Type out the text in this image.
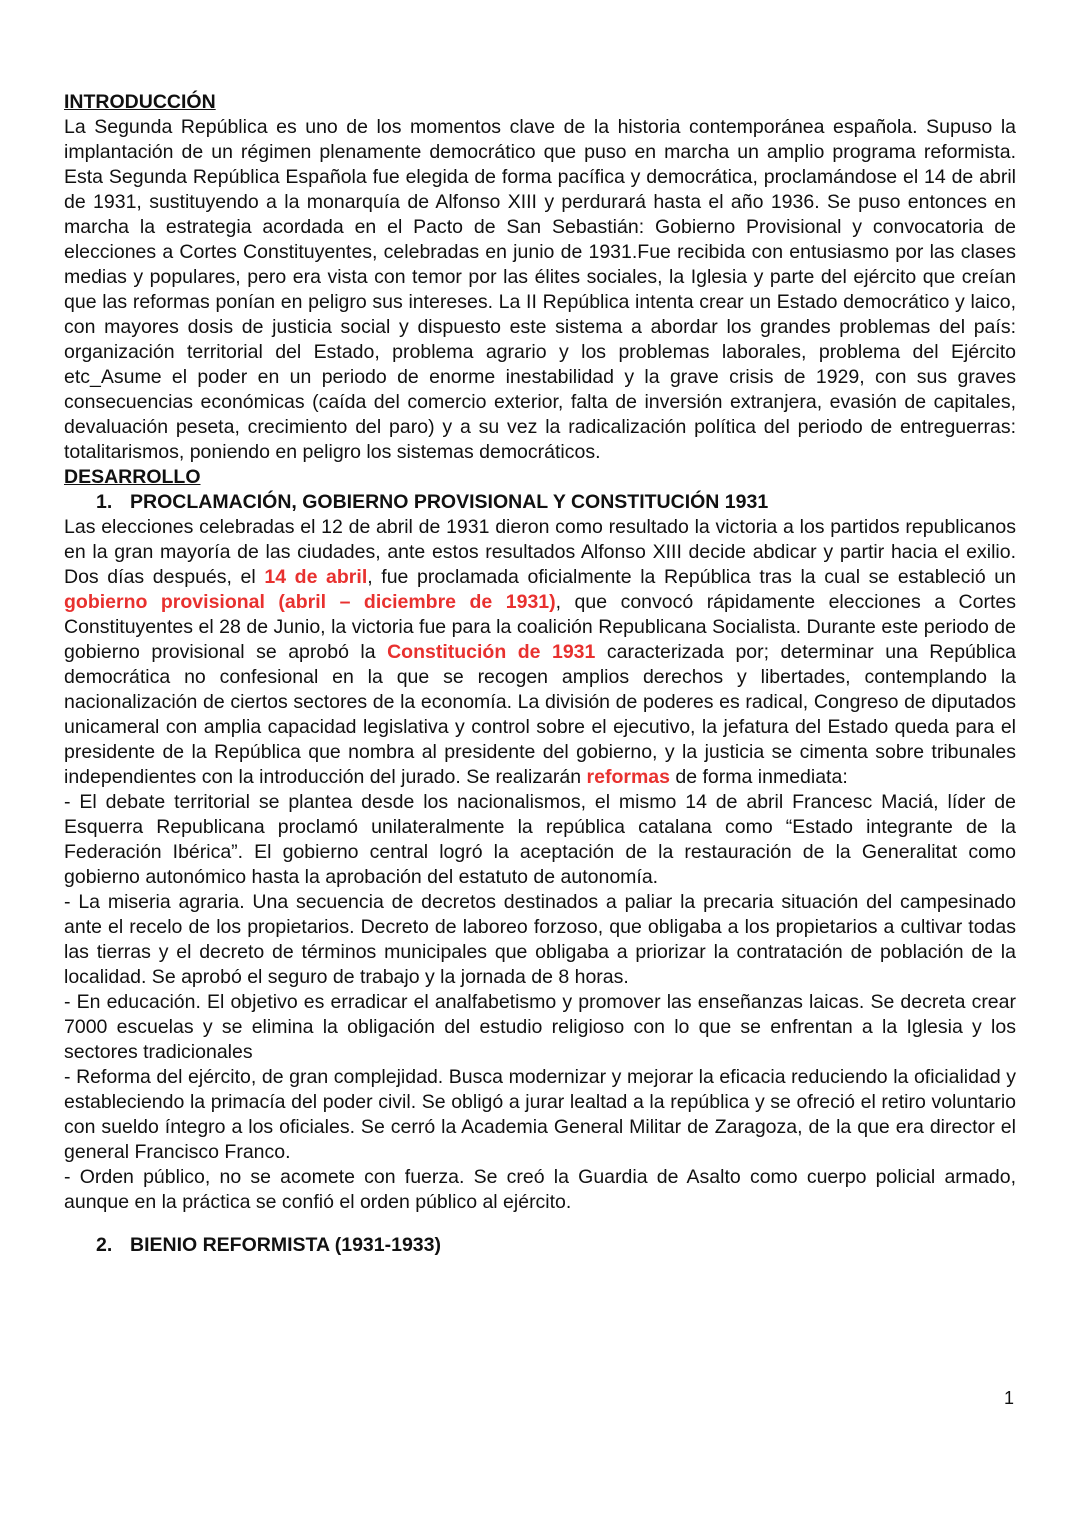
INTRODUCCIÓN

La Segunda República es uno de los momentos clave de la historia contemporánea española. Supuso la implantación de un régimen plenamente democrático que puso en marcha un amplio programa reformista. Esta Segunda República Española fue elegida de forma pacífica y democrática, proclamándose el 14 de abril de 1931, sustituyendo a la monarquía de Alfonso XIII y perdurará hasta el año 1936. Se puso entonces en marcha la estrategia acordada en el Pacto de San Sebastián: Gobierno Provisional y convocatoria de elecciones a Cortes Constituyentes, celebradas en junio de 1931.Fue recibida con entusiasmo por las clases medias y populares, pero era vista con temor por las élites sociales, la Iglesia y parte del ejército que creían que las reformas ponían en peligro sus intereses. La II República intenta crear un Estado democrático y laico, con mayores dosis de justicia social y dispuesto este sistema a abordar los grandes problemas del país: organización territorial del Estado, problema agrario y los problemas laborales, problema del Ejército etc_Asume el poder en un periodo de enorme inestabilidad y la grave crisis de 1929, con sus graves consecuencias económicas (caída del comercio exterior, falta de inversión extranjera, evasión de capitales, devaluación peseta, crecimiento del paro) y a su vez la radicalización política del periodo de entreguerras: totalitarismos, poniendo en peligro los sistemas democráticos.

DESARROLLO
1. PROCLAMACIÓN, GOBIERNO PROVISIONAL Y CONSTITUCIÓN 1931

Las elecciones celebradas el 12 de abril de 1931 dieron como resultado la victoria a los partidos republicanos en la gran mayoría de las ciudades, ante estos resultados Alfonso XIII decide abdicar y partir hacia el exilio. Dos días después, el 14 de abril, fue proclamada oficialmente la República tras la cual se estableció un gobierno provisional (abril – diciembre de 1931), que convocó rápidamente elecciones a Cortes Constituyentes el 28 de Junio, la victoria fue para la coalición Republicana Socialista. Durante este periodo de gobierno provisional se aprobó la Constitución de 1931 caracterizada por; determinar una República democrática no confesional en la que se recogen amplios derechos y libertades, contemplando la nacionalización de ciertos sectores de la economía. La división de poderes es radical, Congreso de diputados unicameral con amplia capacidad legislativa y control sobre el ejecutivo, la jefatura del Estado queda para el presidente de la República que nombra al presidente del gobierno, y la justicia se cimenta sobre tribunales independientes con la introducción del jurado. Se realizarán reformas de forma inmediata:

- El debate territorial se plantea desde los nacionalismos, el mismo 14 de abril Francesc Maciá, líder de Esquerra Republicana proclamó unilateralmente la república catalana como “Estado integrante de la Federación Ibérica”. El gobierno central logró la aceptación de la restauración de la Generalitat como gobierno autonómico hasta la aprobación del estatuto de autonomía.

- La miseria agraria. Una secuencia de decretos destinados a paliar la precaria situación del campesinado ante el recelo de los propietarios. Decreto de laboreo forzoso, que obligaba a los propietarios a cultivar todas las tierras y el decreto de términos municipales que obligaba a priorizar la contratación de población de la localidad. Se aprobó el seguro de trabajo y la jornada de 8 horas.

- En educación. El objetivo es erradicar el analfabetismo y promover las enseñanzas laicas. Se decreta crear 7000 escuelas y se elimina la obligación del estudio religioso con lo que se enfrentan a la Iglesia y los sectores tradicionales

- Reforma del ejército, de gran complejidad. Busca modernizar y mejorar la eficacia reduciendo la oficialidad y estableciendo la primacía del poder civil. Se obligó a jurar lealtad a la república y se ofreció el retiro voluntario con sueldo íntegro a los oficiales. Se cerró la Academia General Militar de Zaragoza, de la que era director el general Francisco Franco.

- Orden público, no se acomete con fuerza. Se creó la Guardia de Asalto como cuerpo policial armado, aunque en la práctica se confió el orden público al ejército.

2. BIENIO REFORMISTA (1931-1933)
1
